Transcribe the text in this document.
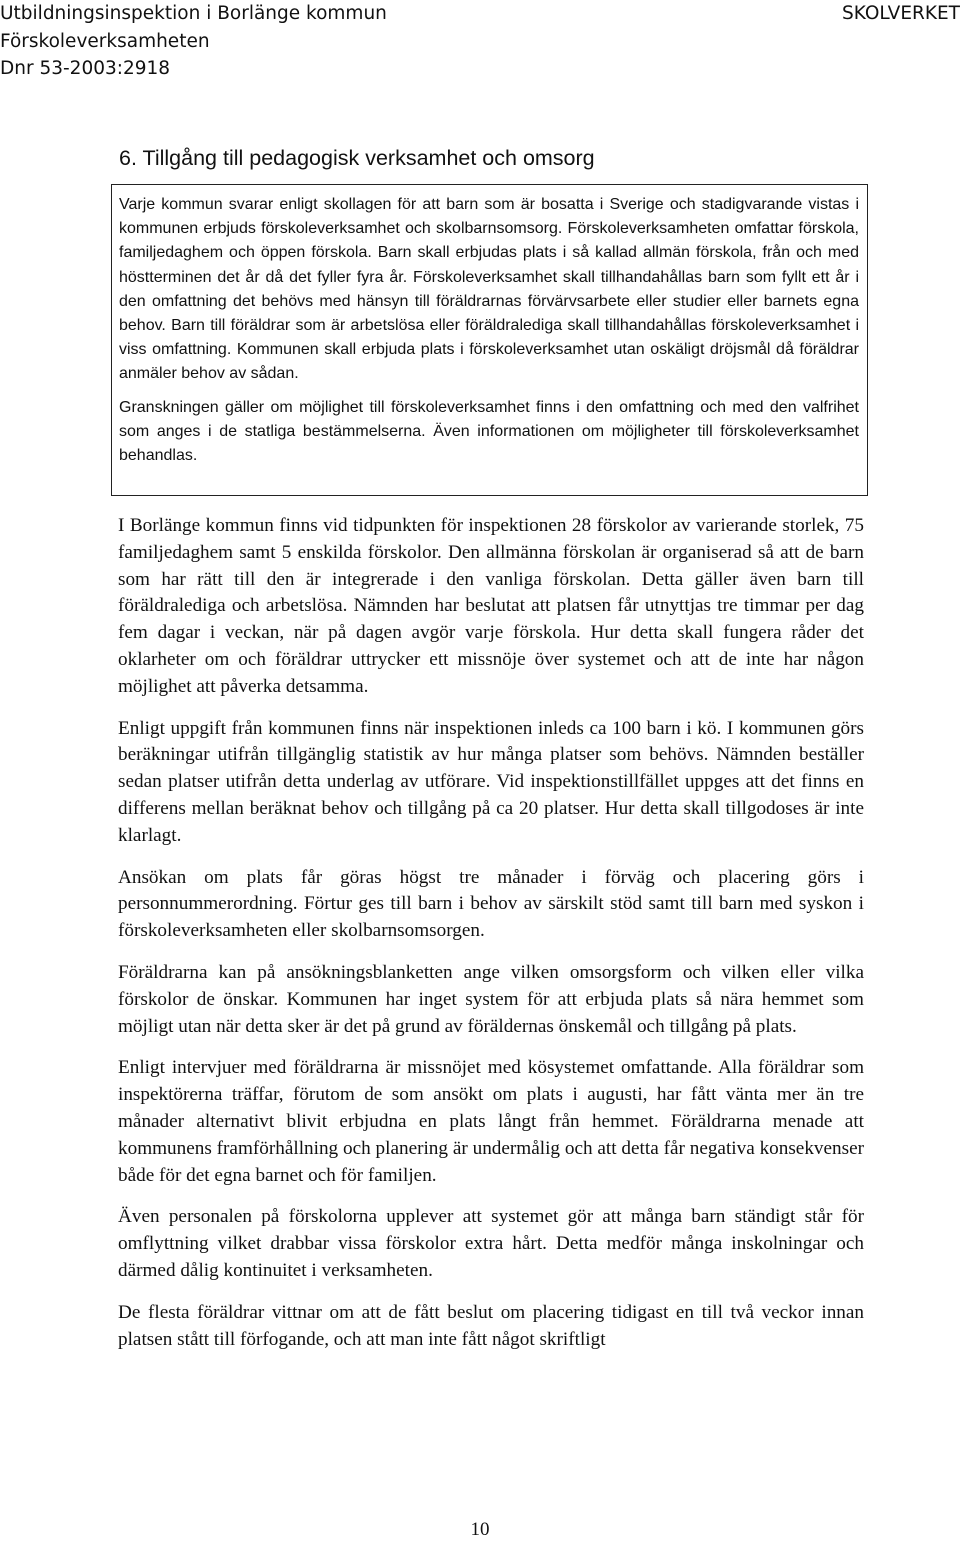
Utbildningsinspektion i Borlänge kommun
Förskoleverksamheten
Dnr 53-2003:2918
SKOLVERKET
6. Tillgång till pedagogisk verksamhet och omsorg

Varje kommun svarar enligt skollagen för att barn som är bosatta i Sverige och stadigvarande vistas i kommunen erbjuds förskoleverksamhet och skolbarnsomsorg. Förskoleverksamheten omfattar förskola, familjedaghem och öppen förskola. Barn skall erbjudas plats i så kallad allmän förskola, från och med höstterminen det år då det fyller fyra år. Förskoleverksamhet skall tillhandahållas barn som fyllt ett år i den omfattning det behövs med hänsyn till föräldrarnas förvärvsarbete eller studier eller barnets egna behov. Barn till föräldrar som är arbetslösa eller föräldralediga skall tillhandahållas förskoleverksamhet i viss omfattning. Kommunen skall erbjuda plats i förskoleverksamhet utan oskäligt dröjsmål då föräldrar anmäler behov av sådan.

Granskningen gäller om möjlighet till förskoleverksamhet finns i den omfattning och med den valfrihet som anges i de statliga bestämmelserna. Även informationen om möjligheter till förskoleverksamhet behandlas.

I Borlänge kommun finns vid tidpunkten för inspektionen 28 förskolor av varierande storlek, 75 familjedaghem samt 5 enskilda förskolor. Den allmänna förskolan är organiserad så att de barn som har rätt till den är integrerade i den vanliga förskolan. Detta gäller även barn till föräldralediga och arbetslösa. Nämnden har beslutat att platsen får utnyttjas tre timmar per dag fem dagar i veckan, när på dagen avgör varje förskola. Hur detta skall fungera råder det oklarheter om och föräldrar uttrycker ett missnöje över systemet och att de inte har någon möjlighet att påverka detsamma.

Enligt uppgift från kommunen finns när inspektionen inleds ca 100 barn i kö. I kommunen görs beräkningar utifrån tillgänglig statistik av hur många platser som behövs. Nämnden beställer sedan platser utifrån detta underlag av utförare. Vid inspektionstillfället uppges att det finns en differens mellan beräknat behov och tillgång på ca 20 platser. Hur detta skall tillgodoses är inte klarlagt.

Ansökan om plats får göras högst tre månader i förväg och placering görs i personnummerordning. Förtur ges till barn i behov av särskilt stöd samt till barn med syskon i förskoleverksamheten eller skolbarnsomsorgen.

Föräldrarna kan på ansökningsblanketten ange vilken omsorgsform och vilken eller vilka förskolor de önskar. Kommunen har inget system för att erbjuda plats så nära hemmet som möjligt utan när detta sker är det på grund av föräldernas önskemål och tillgång på plats.

Enligt intervjuer med föräldrarna är missnöjet med kösystemet omfattande. Alla föräldrar som inspektörerna träffar, förutom de som ansökt om plats i augusti, har fått vänta mer än tre månader alternativt blivit erbjudna en plats långt från hemmet. Föräldrarna menade att kommunens framförhållning och planering är undermålig och att detta får negativa konsekvenser både för det egna barnet och för familjen.

Även personalen på förskolorna upplever att systemet gör att många barn ständigt står för omflyttning vilket drabbar vissa förskolor extra hårt. Detta medför många inskolningar och därmed dålig kontinuitet i verksamheten.

De flesta föräldrar vittnar om att de fått beslut om placering tidigast en till två veckor innan platsen stått till förfogande, och att man inte fått något skriftligt

10
